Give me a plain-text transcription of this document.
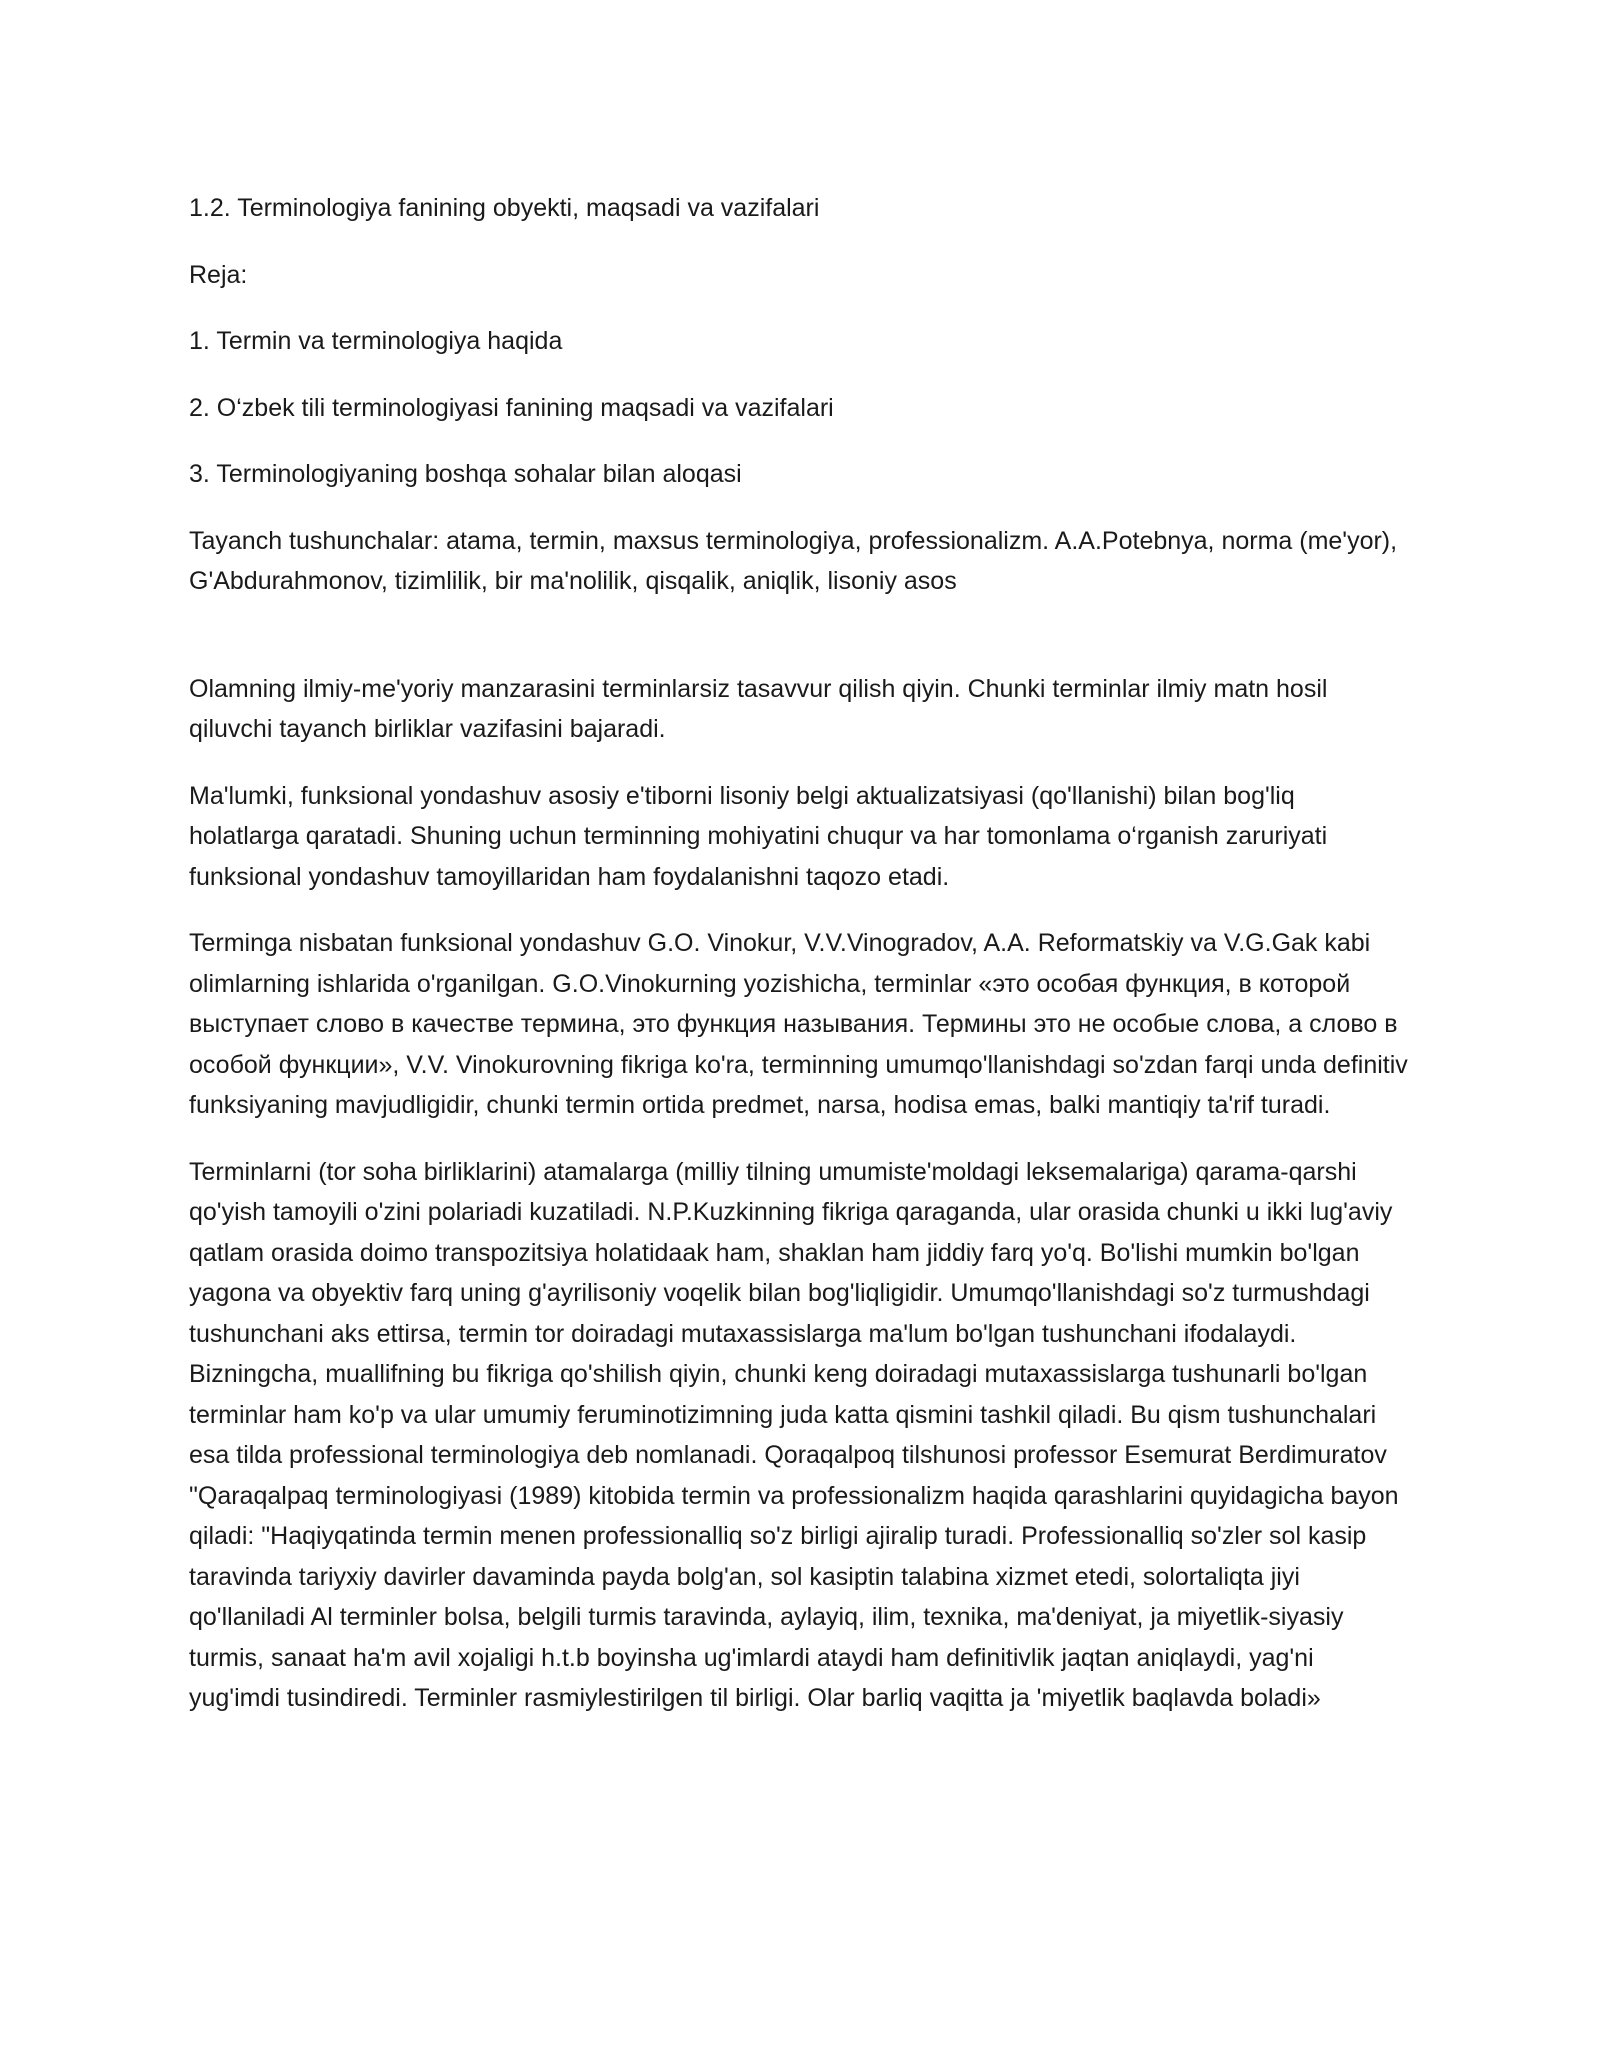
1.2. Terminologiya fanining obyekti, maqsadi va vazifalari

Reja:

1. Termin va terminologiya haqida

2. O‘zbek tili terminologiyasi fanining maqsadi va vazifalari

3. Terminologiyaning boshqa sohalar bilan aloqasi

Tayanch tushunchalar: atama, termin, maxsus terminologiya, professionalizm. A.A.Potebnya, norma (me'yor), G'Abdurahmonov, tizimlilik, bir ma'nolilik, qisqalik, aniqlik, lisoniy asos

Olamning ilmiy-me'yoriy manzarasini terminlarsiz tasavvur qilish qiyin. Chunki terminlar ilmiy matn hosil qiluvchi tayanch birliklar vazifasini bajaradi.

Ma'lumki, funksional yondashuv asosiy e'tiborni lisoniy belgi aktualizatsiyasi (qo'llanishi) bilan bog'liq holatlarga qaratadi. Shuning uchun terminning mohiyatini chuqur va har tomonlama o‘rganish zaruriyati funksional yondashuv tamoyillaridan ham foydalanishni taqozo etadi.

Terminga nisbatan funksional yondashuv G.O. Vinokur, V.V.Vinogradov, A.A. Reformatskiy va V.G.Gak kabi olimlarning ishlarida o'rganilgan. G.O.Vinokurning yozishicha, terminlar «это особая функция, в которой выступает слово в качестве термина, это функция называния. Термины это не особые слова, а слово в особой функции», V.V. Vinokurovning fikriga ko'ra, terminning umumqo'llanishdagi so'zdan farqi unda definitiv funksiyaning mavjudligidir, chunki termin ortida predmet, narsa, hodisa emas, balki mantiqiy ta'rif turadi.

Terminlarni (tor soha birliklarini) atamalarga (milliy tilning umumiste'moldagi leksemalariga) qarama-qarshi qo'yish tamoyili o'zini polariadi kuzatiladi. N.P.Kuzkinning fikriga qaraganda, ular orasida chunki u ikki lug'aviy qatlam orasida doimo transpozitsiya holatidaak ham, shaklan ham jiddiy farq yo'q. Bo'lishi mumkin bo'lgan yagona va obyektiv farq uning g'ayrilisoniy voqelik bilan bog'liqligidir. Umumqo'llanishdagi so'z turmushdagi tushunchani aks ettirsa, termin tor doiradagi mutaxassislarga ma'lum bo'lgan tushunchani ifodalaydi. Bizningcha, muallifning bu fikriga qo'shilish qiyin, chunki keng doiradagi mutaxassislarga tushunarli bo'lgan terminlar ham ko'p va ular umumiy feruminotizimning juda katta qismini tashkil qiladi. Bu qism tushunchalari esa tilda professional terminologiya deb nomlanadi. Qoraqalpoq tilshunosi professor Esemurat Berdimuratov "Qaraqalpaq terminologiyasi (1989) kitobida termin va professionalizm haqida qarashlarini quyidagicha bayon qiladi: "Haqiyqatinda termin menen professionalliq so'z birligi ajiralip turadi. Professionalliq so'zler sol kasip taravinda tariyxiy davirler davaminda payda bolg'an, sol kasiptin talabina xizmet etedi, solortaliqta jiyi qo'llaniladi Al terminler bolsa, belgili turmis taravinda, aylayiq, ilim, texnika, ma'deniyat, ja miyetlik-siyasiy turmis, sanaat ha'm avil xojaligi h.t.b boyinsha ug'imlardi ataydi ham definitivlik jaqtan aniqlaydi, yag'ni yug'imdi tusindiredi. Terminler rasmiylestirilgen til birligi. Olar barliq vaqitta ja 'miyetlik baqlavda boladi»
